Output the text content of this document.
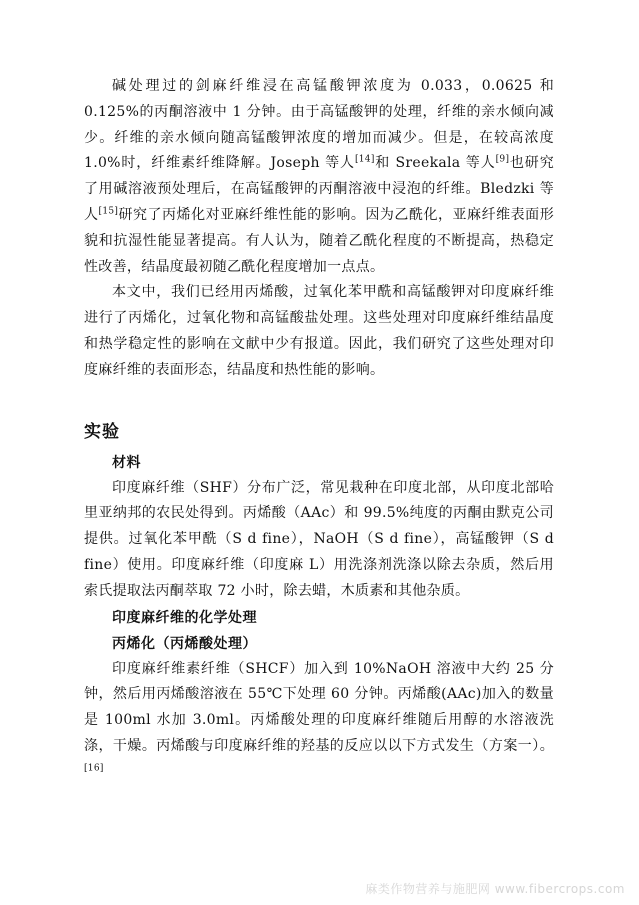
碱处理过的剑麻纤维浸在高锰酸钾浓度为 0.033，0.0625 和 0.125%的丙酮溶液中 1 分钟。由于高锰酸钾的处理，纤维的亲水倾向减少。纤维的亲水倾向随高锰酸钾浓度的增加而减少。但是，在较高浓度 1.0%时，纤维素纤维降解。Joseph 等人[14]和 Sreekala 等人[9]也研究了用碱溶液预处理后，在高锰酸钾的丙酮溶液中浸泡的纤维。Bledzki 等人[15]研究了丙烯化对亚麻纤维性能的影响。因为乙酰化，亚麻纤维表面形貌和抗湿性能显著提高。有人认为，随着乙酰化程度的不断提高，热稳定性改善，结晶度最初随乙酰化程度增加一点点。

本文中，我们已经用丙烯酸，过氧化苯甲酰和高锰酸钾对印度麻纤维进行了丙烯化，过氧化物和高锰酸盐处理。这些处理对印度麻纤维结晶度和热学稳定性的影响在文献中少有报道。因此，我们研究了这些处理对印度麻纤维的表面形态，结晶度和热性能的影响。

实验
材料

印度麻纤维（SHF）分布广泛，常见栽种在印度北部，从印度北部哈里亚纳邦的农民处得到。丙烯酸（AAc）和 99.5%纯度的丙酮由默克公司提供。过氧化苯甲酰（S d fine），NaOH（S d fine），高锰酸钾（S d fine）使用。印度麻纤维（印度麻 L）用洗涤剂洗涤以除去杂质，然后用索氏提取法丙酮萃取 72 小时，除去蜡，木质素和其他杂质。

印度麻纤维的化学处理
丙烯化（丙烯酸处理）

印度麻纤维素纤维（SHCF）加入到 10%NaOH 溶液中大约 25 分钟，然后用丙烯酸溶液在 55℃下处理 60 分钟。丙烯酸(AAc)加入的数量是 100ml 水加 3.0ml。丙烯酸处理的印度麻纤维随后用醇的水溶液洗涤，干燥。丙烯酸与印度麻纤维的羟基的反应以以下方式发生（方案一）。[16]

麻类作物营养与施肥网 www.fibercrops.com
